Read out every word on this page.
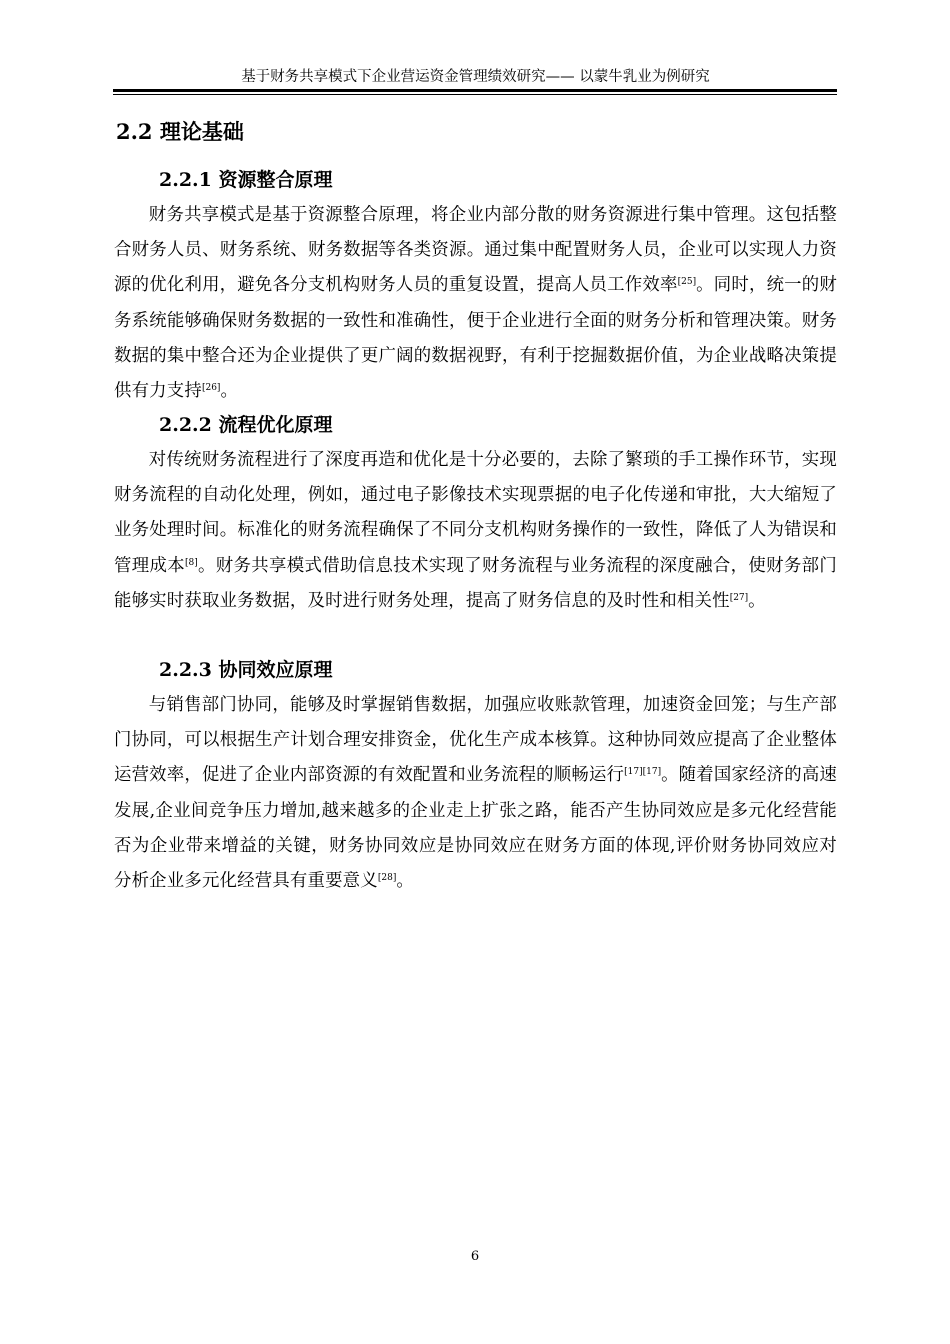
基于财务共享模式下企业营运资金管理绩效研究—— 以蒙牛乳业为例研究
2.2 理论基础
2.2.1 资源整合原理
财务共享模式是基于资源整合原理，将企业内部分散的财务资源进行集中管理。这包括整合财务人员、财务系统、财务数据等各类资源。通过集中配置财务人员，企业可以实现人力资源的优化利用，避免各分支机构财务人员的重复设置，提高人员工作效率[25]。同时，统一的财务系统能够确保财务数据的一致性和准确性，便于企业进行全面的财务分析和管理决策。财务数据的集中整合还为企业提供了更广阔的数据视野，有利于挖掘数据价值，为企业战略决策提供有力支持[26]。
2.2.2 流程优化原理
对传统财务流程进行了深度再造和优化是十分必要的，去除了繁琐的手工操作环节，实现财务流程的自动化处理，例如，通过电子影像技术实现票据的电子化传递和审批，大大缩短了业务处理时间。标准化的财务流程确保了不同分支机构财务操作的一致性，降低了人为错误和管理成本[8]。财务共享模式借助信息技术实现了财务流程与业务流程的深度融合，使财务部门能够实时获取业务数据，及时进行财务处理，提高了财务信息的及时性和相关性[27]。
2.2.3 协同效应原理
与销售部门协同，能够及时掌握销售数据，加强应收账款管理，加速资金回笼；与生产部门协同，可以根据生产计划合理安排资金，优化生产成本核算。这种协同效应提高了企业整体运营效率，促进了企业内部资源的有效配置和业务流程的顺畅运行[17][17]。随着国家经济的高速发展,企业间竞争压力增加,越来越多的企业走上扩张之路，能否产生协同效应是多元化经营能否为企业带来增益的关键，财务协同效应是协同效应在财务方面的体现,评价财务协同效应对分析企业多元化经营具有重要意义[28]。
6
